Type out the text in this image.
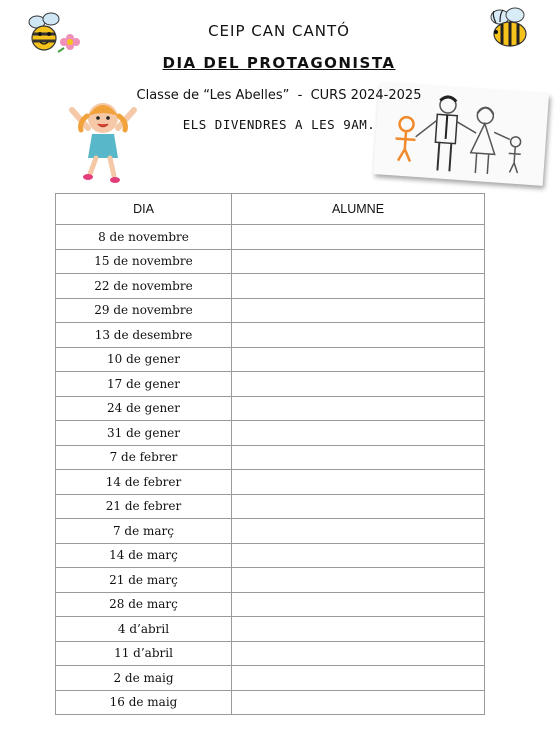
CEIP CAN CANTÓ
DIA DEL PROTAGONISTA
Classe de “Les Abelles”  -  CURS 2024-2025
ELS DIVENDRES A LES 9AM.
DIA	ALUMNE
8 de novembre	
15 de novembre	
22 de novembre	
29 de novembre	
13 de desembre	
10 de gener	
17 de gener	
24 de gener	
31 de gener	
7 de febrer	
14 de febrer	
21 de febrer	
7 de març	
14 de març	
21 de març	
28 de març	
4 d’abril	
11 d’abril	
2 de maig	
16 de maig	
